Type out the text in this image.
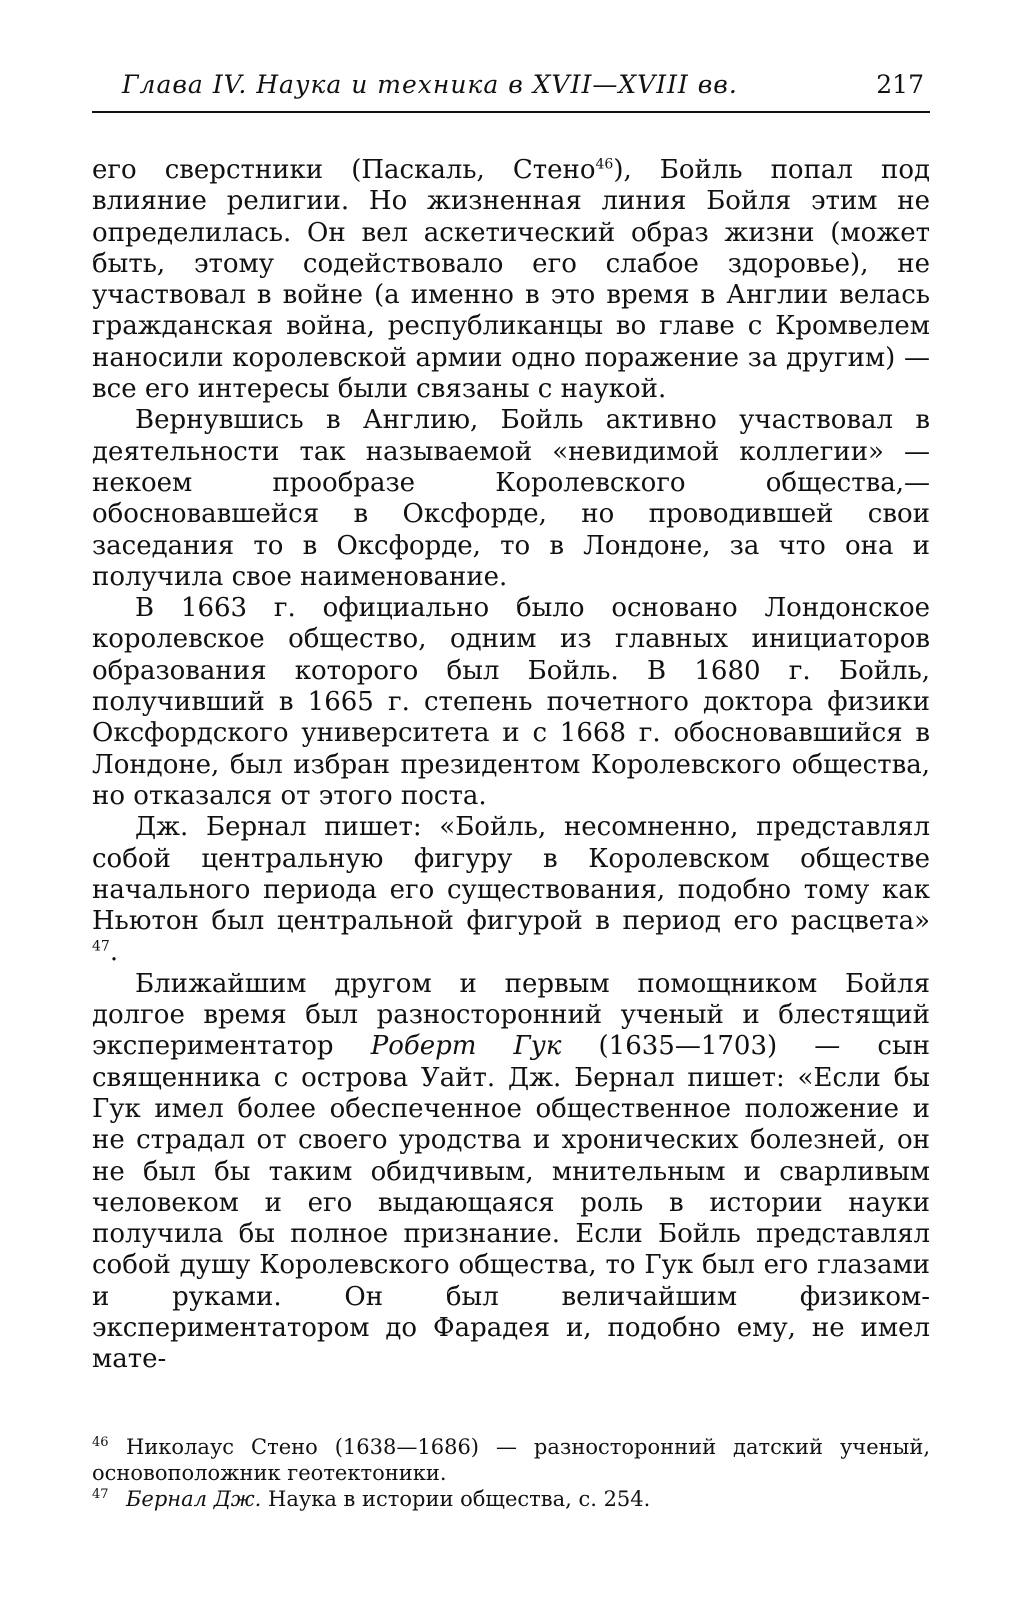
Глава IV. Наука и техника в XVII—XVIII вв.	217

его сверстники (Паскаль, Стено$^{46}$), Бойль попал под влияние религии. Но жизненная линия Бойля этим не определилась. Он вел аскетический образ жизни (может быть, этому содействовало его слабое здоровье), не участвовал в войне (а именно в это время в Англии велась гражданская война, республиканцы во главе с Кромвелем наносили королевской армии одно поражение за другим) — все его интересы были связаны с наукой.

Вернувшись в Англию, Бойль активно участвовал в деятельности так называемой «невидимой коллегии» — некоем прообразе Королевского общества,— обосновавшейся в Оксфорде, но проводившей свои заседания то в Оксфорде, то в Лондоне, за что она и получила свое наименование.

В 1663 г. официально было основано Лондонское королевское общество, одним из главных инициаторов образования которого был Бойль. В 1680 г. Бойль, получивший в 1665 г. степень почетного доктора физики Оксфордского университета и с 1668 г. обосновавшийся в Лондоне, был избран президентом Королевского общества, но отказался от этого поста.

Дж. Бернал пишет: «Бойль, несомненно, представлял собой центральную фигуру в Королевском обществе начального периода его существования, подобно тому как Ньютон был центральной фигурой в период его расцвета» $^{47}$.

Ближайшим другом и первым помощником Бойля долгое время был разносторонний ученый и блестящий экспериментатор Роберт Гук (1635—1703) — сын священника с острова Уайт. Дж. Бернал пишет: «Если бы Гук имел более обеспеченное общественное положение и не страдал от своего уродства и хронических болезней, он не был бы таким обидчивым, мнительным и сварливым человеком и его выдающаяся роль в истории науки получила бы полное признание. Если Бойль представлял собой душу Королевского общества, то Гук был его глазами и руками. Он был величайшим физиком-экспериментатором до Фарадея и, подобно ему, не имел мате-

46 Николаус Стено (1638—1686) — разносторонний датский ученый, основоположник геотектоники.

47 Бернал Дж. Наука в истории общества, с. 254.
